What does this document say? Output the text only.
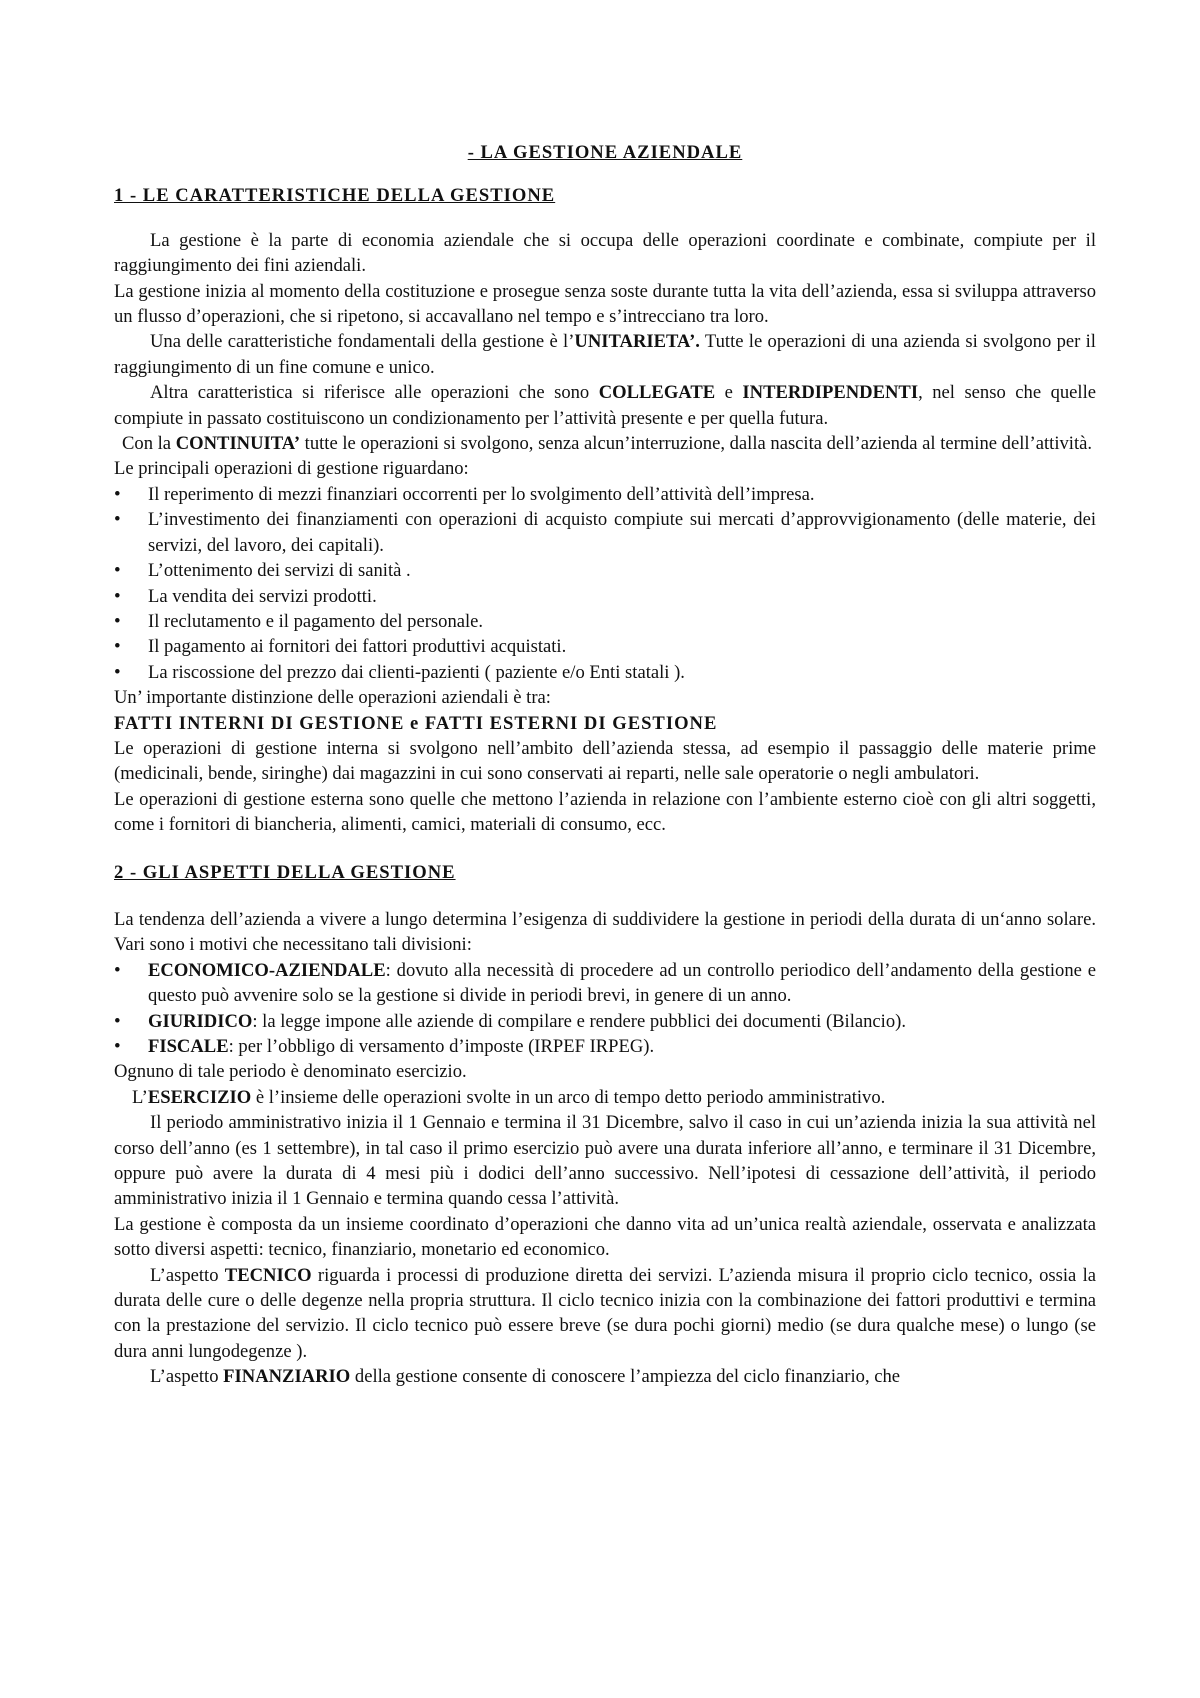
- LA GESTIONE AZIENDALE

1 - LE CARATTERISTICHE DELLA GESTIONE

La gestione è la parte di economia aziendale che si occupa delle operazioni coordinate e combinate, compiute per il raggiungimento dei fini aziendali.

La gestione inizia al momento della costituzione e prosegue senza soste durante tutta la vita dell’azienda, essa si sviluppa attraverso un flusso d’operazioni, che si ripetono, si accavallano nel tempo e s’intrecciano tra loro.

Una delle caratteristiche fondamentali della gestione è l’UNITARIETA’. Tutte le operazioni di una azienda si svolgono per il raggiungimento di un fine comune e unico.

Altra caratteristica si riferisce alle operazioni che sono COLLEGATE e INTERDIPENDENTI, nel senso che quelle compiute in passato costituiscono un condizionamento per l’attività presente e per quella futura.

Con la CONTINUITA’ tutte le operazioni si svolgono, senza alcun’interruzione, dalla nascita dell’azienda al termine dell’attività.

Le principali operazioni di gestione riguardano:

• Il reperimento di mezzi finanziari occorrenti per lo svolgimento dell’attività dell’impresa.
• L’investimento dei finanziamenti con operazioni di acquisto compiute sui mercati d’approvvigionamento (delle materie, dei servizi, del lavoro, dei capitali).
• L’ottenimento dei servizi di sanità .
• La vendita dei servizi prodotti.
• Il reclutamento e il pagamento del personale.
• Il pagamento ai fornitori dei fattori produttivi acquistati.
• La riscossione del prezzo dai clienti-pazienti ( paziente e/o Enti statali ).

Un’ importante distinzione delle operazioni aziendali è tra:

FATTI INTERNI DI GESTIONE e FATTI ESTERNI DI GESTIONE

Le operazioni di gestione interna si svolgono nell’ambito dell’azienda stessa, ad esempio il passaggio delle materie prime (medicinali, bende, siringhe) dai magazzini in cui sono conservati ai reparti, nelle sale operatorie o negli ambulatori.

Le operazioni di gestione esterna sono quelle che mettono l’azienda in relazione con l’ambiente esterno cioè con gli altri soggetti, come i fornitori di biancheria, alimenti, camici, materiali di consumo, ecc.

2 - GLI ASPETTI DELLA GESTIONE

La tendenza dell’azienda a vivere a lungo determina l’esigenza di suddividere la gestione in periodi della durata di un‘anno solare. Vari sono i motivi che necessitano tali divisioni:

• ECONOMICO-AZIENDALE: dovuto alla necessità di procedere ad un controllo periodico dell’andamento della gestione e questo può avvenire solo se la gestione si divide in periodi brevi, in genere di un anno.
• GIURIDICO: la legge impone alle aziende di compilare e rendere pubblici dei documenti (Bilancio).
• FISCALE: per l’obbligo di versamento d’imposte (IRPEF IRPEG).

Ognuno di tale periodo è denominato esercizio.

L’ESERCIZIO è l’insieme delle operazioni svolte in un arco di tempo detto periodo amministrativo.

Il periodo amministrativo inizia il 1 Gennaio e termina il 31 Dicembre, salvo il caso in cui un’azienda inizia la sua attività nel corso dell’anno (es 1 settembre), in tal caso il primo esercizio può avere una durata inferiore all’anno, e terminare il 31 Dicembre, oppure può avere la durata di 4 mesi più i dodici dell’anno successivo. Nell’ipotesi di cessazione dell’attività, il periodo amministrativo inizia il 1 Gennaio e termina quando cessa l’attività.

La gestione è composta da un insieme coordinato d’operazioni che danno vita ad un’unica realtà aziendale, osservata e analizzata sotto diversi aspetti: tecnico, finanziario, monetario ed economico.

L’aspetto TECNICO riguarda i processi di produzione diretta dei servizi. L’azienda misura il proprio ciclo tecnico, ossia la durata delle cure o delle degenze nella propria struttura. Il ciclo tecnico inizia con la combinazione dei fattori produttivi e termina con la prestazione del servizio. Il ciclo tecnico può essere breve (se dura pochi giorni) medio (se dura qualche mese) o lungo (se dura anni lungodegenze ).

L’aspetto FINANZIARIO della gestione consente di conoscere l’ampiezza del ciclo finanziario, che
